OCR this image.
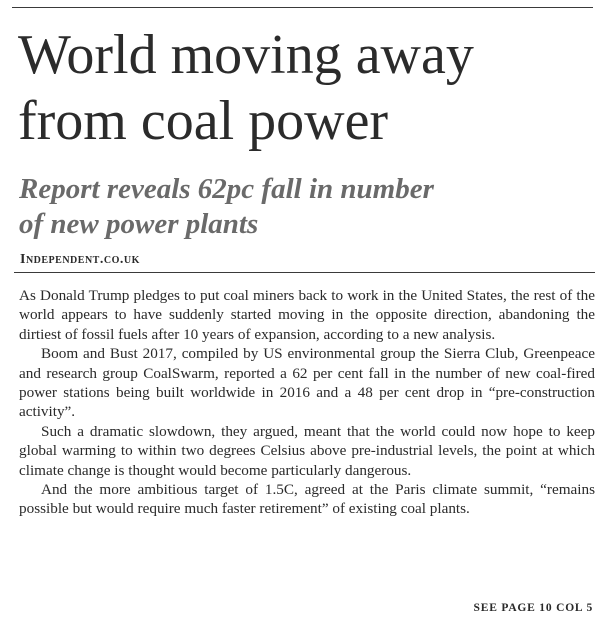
World moving away
from coal power
Report reveals 62pc fall in number
of new power plants

Independent.co.uk

As Donald Trump pledges to put coal miners back to work in the United States, the rest of the world appears to have suddenly started moving in the opposite direction, abandoning the dirtiest of fossil fuels after 10 years of expansion, according to a new analysis.

Boom and Bust 2017, compiled by US environmental group the Sierra Club, Greenpeace and research group CoalSwarm, reported a 62 per cent fall in the number of new coal-fired power stations being built worldwide in 2016 and a 48 per cent drop in “pre-construction activity”.

Such a dramatic slowdown, they argued, meant that the world could now hope to keep global warming to within two degrees Celsius above pre-industrial levels, the point at which climate change is thought would become particularly dangerous.

And the more ambitious target of 1.5C, agreed at the Paris climate summit, “remains possible but would require much faster retirement” of existing coal plants.

SEE PAGE 10 COL 5
